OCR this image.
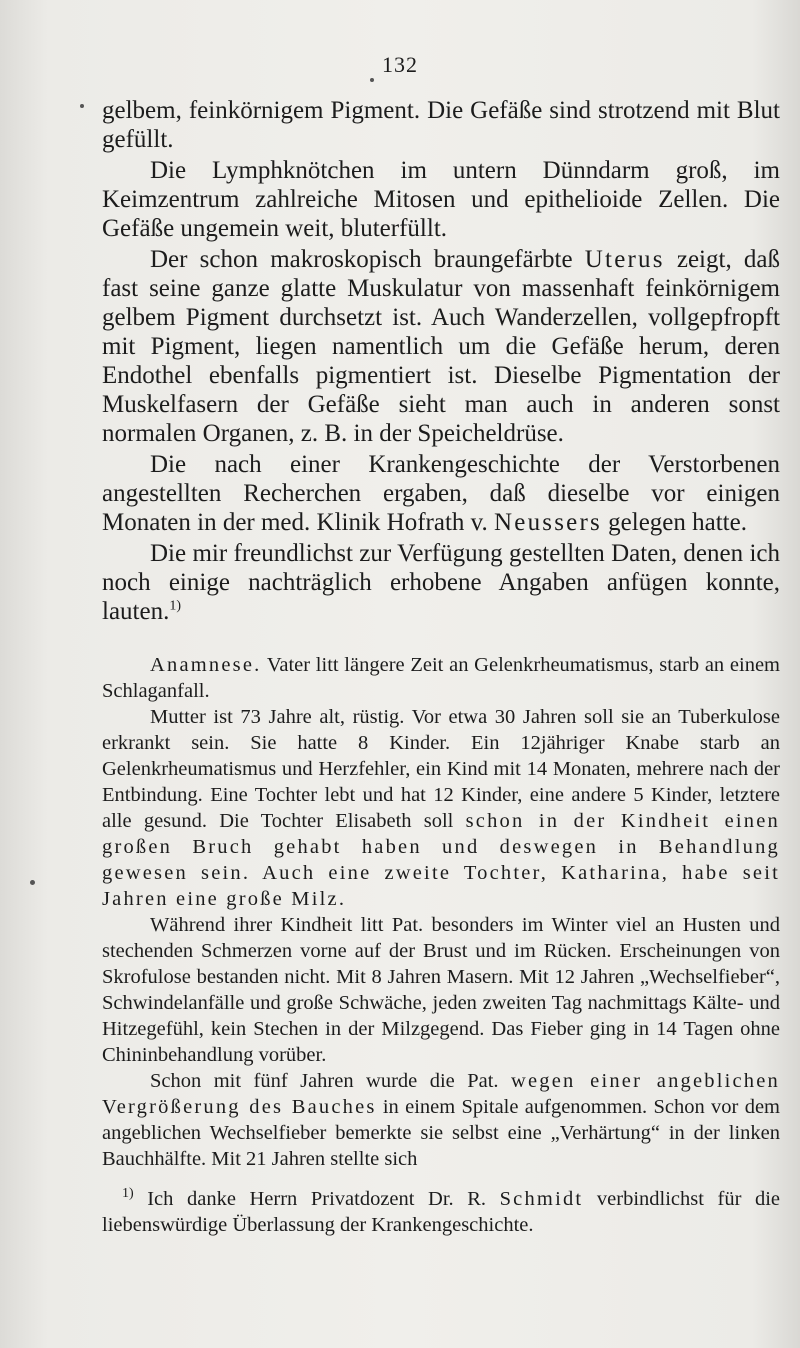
132

gelbem, feinkörnigem Pigment. Die Gefäße sind strotzend mit Blut gefüllt.

Die Lymphknötchen im untern Dünndarm groß, im Keimzentrum zahlreiche Mitosen und epithelioide Zellen. Die Gefäße ungemein weit, bluterfüllt.

Der schon makroskopisch braungefärbte Uterus zeigt, daß fast seine ganze glatte Muskulatur von massenhaft feinkörnigem gelbem Pigment durchsetzt ist. Auch Wanderzellen, vollgepfropft mit Pigment, liegen namentlich um die Gefäße herum, deren Endothel ebenfalls pigmentiert ist. Dieselbe Pigmentation der Muskelfasern der Gefäße sieht man auch in anderen sonst normalen Organen, z. B. in der Speicheldrüse.

Die nach einer Krankengeschichte der Verstorbenen angestellten Recherchen ergaben, daß dieselbe vor einigen Monaten in der med. Klinik Hofrath v. Neussers gelegen hatte.

Die mir freundlichst zur Verfügung gestellten Daten, denen ich noch einige nachträglich erhobene Angaben anfügen konnte, lauten.$^{1)}$

Anamnese. Vater litt längere Zeit an Gelenkrheumatismus, starb an einem Schlaganfall.

Mutter ist 73 Jahre alt, rüstig. Vor etwa 30 Jahren soll sie an Tuberkulose erkrankt sein. Sie hatte 8 Kinder. Ein 12jähriger Knabe starb an Gelenkrheumatismus und Herzfehler, ein Kind mit 14 Monaten, mehrere nach der Entbindung. Eine Tochter lebt und hat 12 Kinder, eine andere 5 Kinder, letztere alle gesund. Die Tochter Elisabeth soll schon in der Kindheit einen großen Bruch gehabt haben und deswegen in Behandlung gewesen sein. Auch eine zweite Tochter, Katharina, habe seit Jahren eine große Milz.

Während ihrer Kindheit litt Pat. besonders im Winter viel an Husten und stechenden Schmerzen vorne auf der Brust und im Rücken. Erscheinungen von Skrofulose bestanden nicht. Mit 8 Jahren Masern. Mit 12 Jahren „Wechselfieber“, Schwindelanfälle und große Schwäche, jeden zweiten Tag nachmittags Kälte- und Hitzegefühl, kein Stechen in der Milzgegend. Das Fieber ging in 14 Tagen ohne Chininbehandlung vorüber.

Schon mit fünf Jahren wurde die Pat. wegen einer angeblichen Vergrößerung des Bauches in einem Spitale aufgenommen. Schon vor dem angeblichen Wechselfieber bemerkte sie selbst eine „Verhärtung“ in der linken Bauchhälfte. Mit 21 Jahren stellte sich

$^{1)}$ Ich danke Herrn Privatdozent Dr. R. Schmidt verbindlichst für die liebenswürdige Überlassung der Krankengeschichte.
